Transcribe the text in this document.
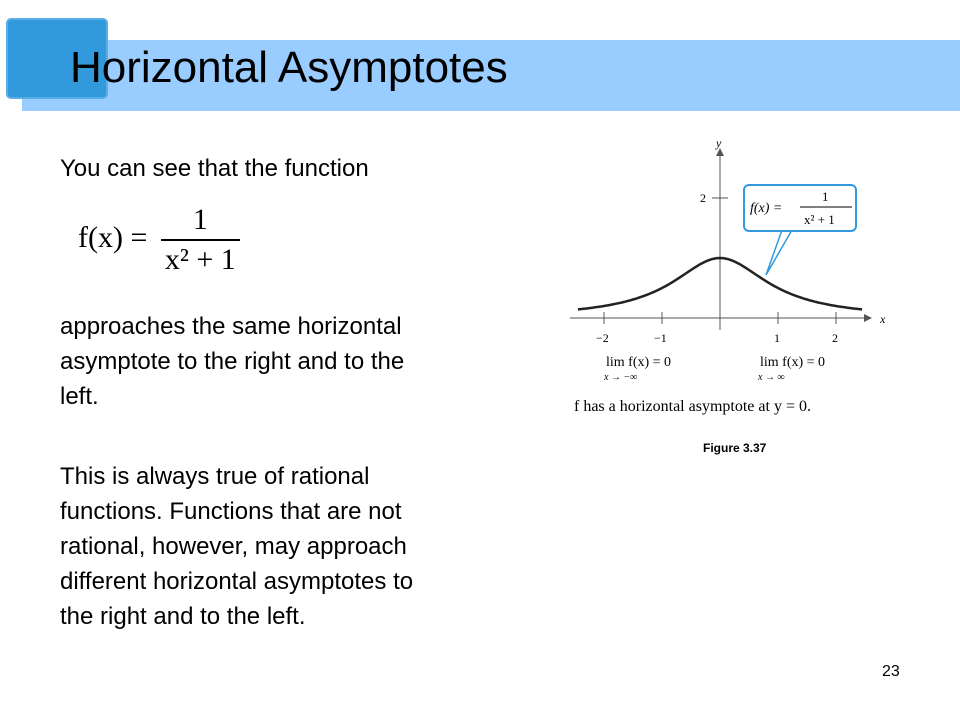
Horizontal Asymptotes
You can see that the function
$f(x) = \frac{1}{\text{x² + 1}}$
approaches the same horizontal
asymptote to the right and to the
left.
This is always true of rational
functions. Functions that are not
rational, however, may approach
different horizontal asymptotes to
the right and to the left.
y
x
2
−2	−1	1	2
f(x) =
1
x² + 1
lim f(x) = 0
x → −∞
lim f(x) = 0
x → ∞
f has a horizontal asymptote at y = 0.
Figure 3.37
23
